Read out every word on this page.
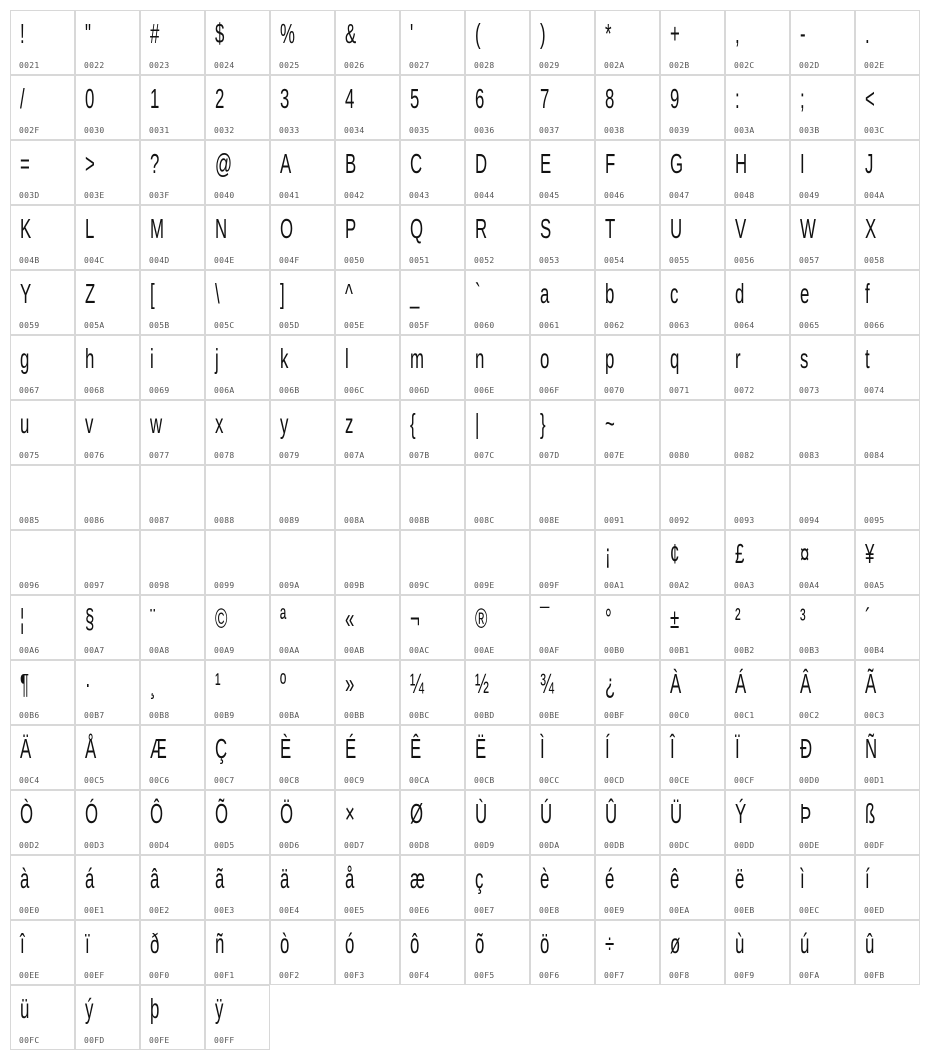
!
0021
"
0022
#
0023
$
0024
%
0025
&
0026
'
0027
(
0028
)
0029
*
002A
+
002B
,
002C
-
002D
.
002E
/
002F
0
0030
1
0031
2
0032
3
0033
4
0034
5
0035
6
0036
7
0037
8
0038
9
0039
:
003A
;
003B
<
003C
=
003D
>
003E
?
003F
@
0040
A
0041
B
0042
C
0043
D
0044
E
0045
F
0046
G
0047
H
0048
I
0049
J
004A
K
004B
L
004C
M
004D
N
004E
O
004F
P
0050
Q
0051
R
0052
S
0053
T
0054
U
0055
V
0056
W
0057
X
0058
Y
0059
Z
005A
[
005B
\
005C
]
005D
^
005E
_
005F
`
0060
a
0061
b
0062
c
0063
d
0064
e
0065
f
0066
g
0067
h
0068
i
0069
j
006A
k
006B
l
006C
m
006D
n
006E
o
006F
p
0070
q
0071
r
0072
s
0073
t
0074
u
0075
v
0076
w
0077
x
0078
y
0079
z
007A
{
007B
|
007C
}
007D
~
007E	0080	0082	0083	0084
0085	0086	0087	0088	0089	008A	008B	008C	008E	0091	0092	0093	0094	0095
0096	0097	0098	0099	009A	009B	009C	009E	009F
¡
00A1
¢
00A2
£
00A3
¤
00A4
¥
00A5
¦
00A6
§
00A7
¨
00A8
©
00A9
ª
00AA
«
00AB
¬
00AC
®
00AE
¯
00AF
°
00B0
±
00B1
²
00B2
³
00B3
´
00B4
¶
00B6
·
00B7
¸
00B8
¹
00B9
º
00BA
»
00BB
¼
00BC
½
00BD
¾
00BE
¿
00BF
À
00C0
Á
00C1
Â
00C2
Ã
00C3
Ä
00C4
Å
00C5
Æ
00C6
Ç
00C7
È
00C8
É
00C9
Ê
00CA
Ë
00CB
Ì
00CC
Í
00CD
Î
00CE
Ï
00CF
Ð
00D0
Ñ
00D1
Ò
00D2
Ó
00D3
Ô
00D4
Õ
00D5
Ö
00D6
×
00D7
Ø
00D8
Ù
00D9
Ú
00DA
Û
00DB
Ü
00DC
Ý
00DD
Þ
00DE
ß
00DF
à
00E0
á
00E1
â
00E2
ã
00E3
ä
00E4
å
00E5
æ
00E6
ç
00E7
è
00E8
é
00E9
ê
00EA
ë
00EB
ì
00EC
í
00ED
î
00EE
ï
00EF
ð
00F0
ñ
00F1
ò
00F2
ó
00F3
ô
00F4
õ
00F5
ö
00F6
÷
00F7
ø
00F8
ù
00F9
ú
00FA
û
00FB
ü
00FC
ý
00FD
þ
00FE
ÿ
00FF
